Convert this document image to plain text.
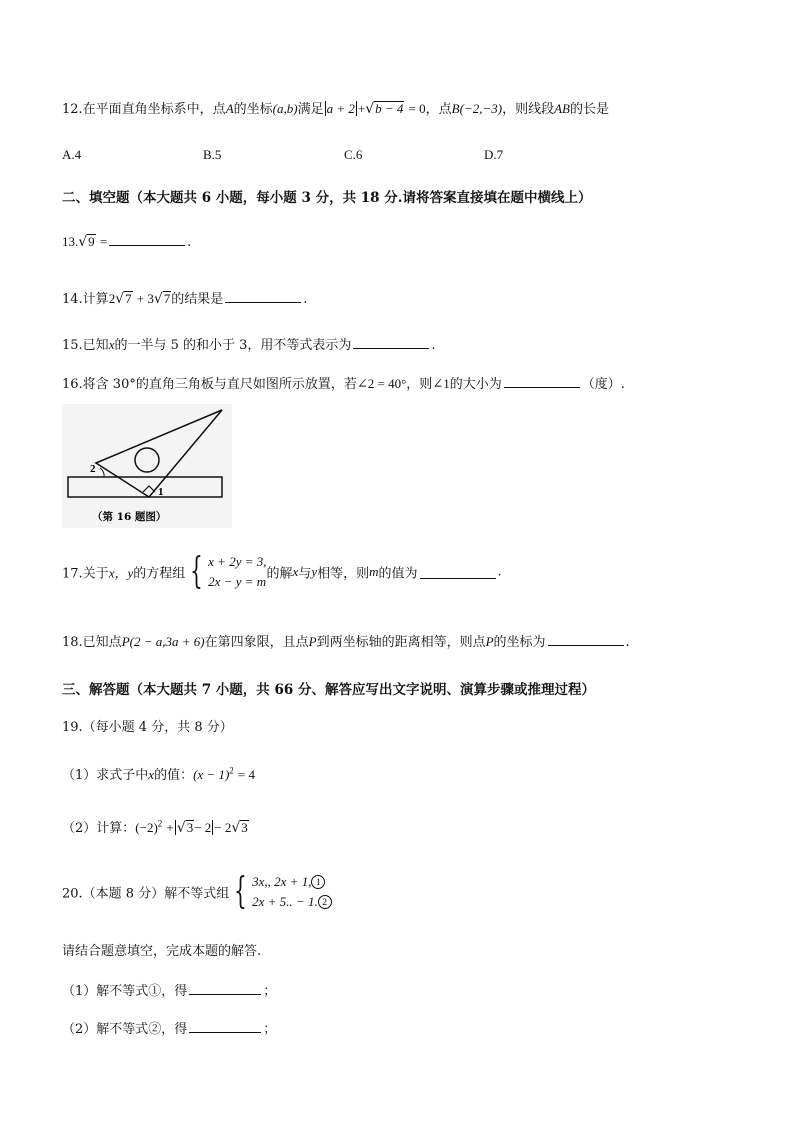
12.在平面直角坐标系中，点A的坐标(a,b)满足 a + 2 +√b − 4 = 0，点B(−2,−3)，则线段AB的长是
A.4	B.5	C.6	D.7
二、填空题（本大题共 6 小题，每小题 3 分，共 18 分.请将答案直接填在题中横线上）
13.√9 =	.
14.计算2√7 + 3√7的结果是	.
15.已知x的一半与 5 的和小于 3，用不等式表示为	.
16.将含 30°的直角三角板与直尺如图所示放置，若∠2 = 40°，则∠1的大小为	（度）.
2
1
（第 16 题图）
17.关于x，y的方程组 { x + 2y = 3,
2x − y = m的解x与y相等，则m的值为	.
18.已知点P(2 − a,3a + 6)在第四象限，且点P到两坐标轴的距离相等，则点P的坐标为	.
三、解答题（本大题共 7 小题，共 66 分、解答应写出文字说明、演算步骤或推理过程）
19.（每小题 4 分，共 8 分）
（1）求式子中x的值：$(x - 1)^2 = 4$
（2）计算：$(-2)^2 + √3- 2 - 2√3$
20.（本题 8 分）解不等式组 { 3x,, 2x + 1, 1
2x + 5.. − 1. 2
请结合题意填空，完成本题的解答.
（1）解不等式①，得	；
（2）解不等式②，得	；
